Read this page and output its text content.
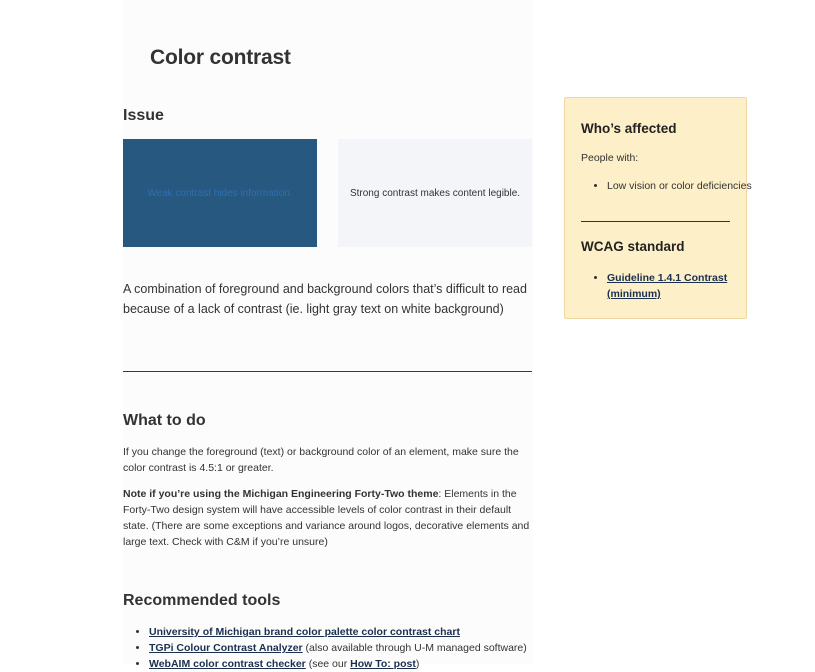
Color contrast
Issue
Weak contrast hides information.	Strong contrast makes content legible.

A combination of foreground and background colors that’s difficult to read because of a lack of contrast (ie. light gray text on white background)

What to do

If you change the foreground (text) or background color of an element, make sure the color contrast is 4.5:1 or greater.

Note if you’re using the Michigan Engineering Forty-Two theme: Elements in the Forty-Two design system will have accessible levels of color contrast in their default state. (There are some exceptions and variance around logos, decorative elements and large text. Check with C&M if you’re unsure)

Recommended tools
• University of Michigan brand color palette color contrast chart
• TGPi Colour Contrast Analyzer (also available through U-M managed software)
• WebAIM color contrast checker (see our How To: post)
Who’s affected

People with:

• Low vision or color deficiencies
WCAG standard
• Guideline 1.4.1 Contrast (minimum)
